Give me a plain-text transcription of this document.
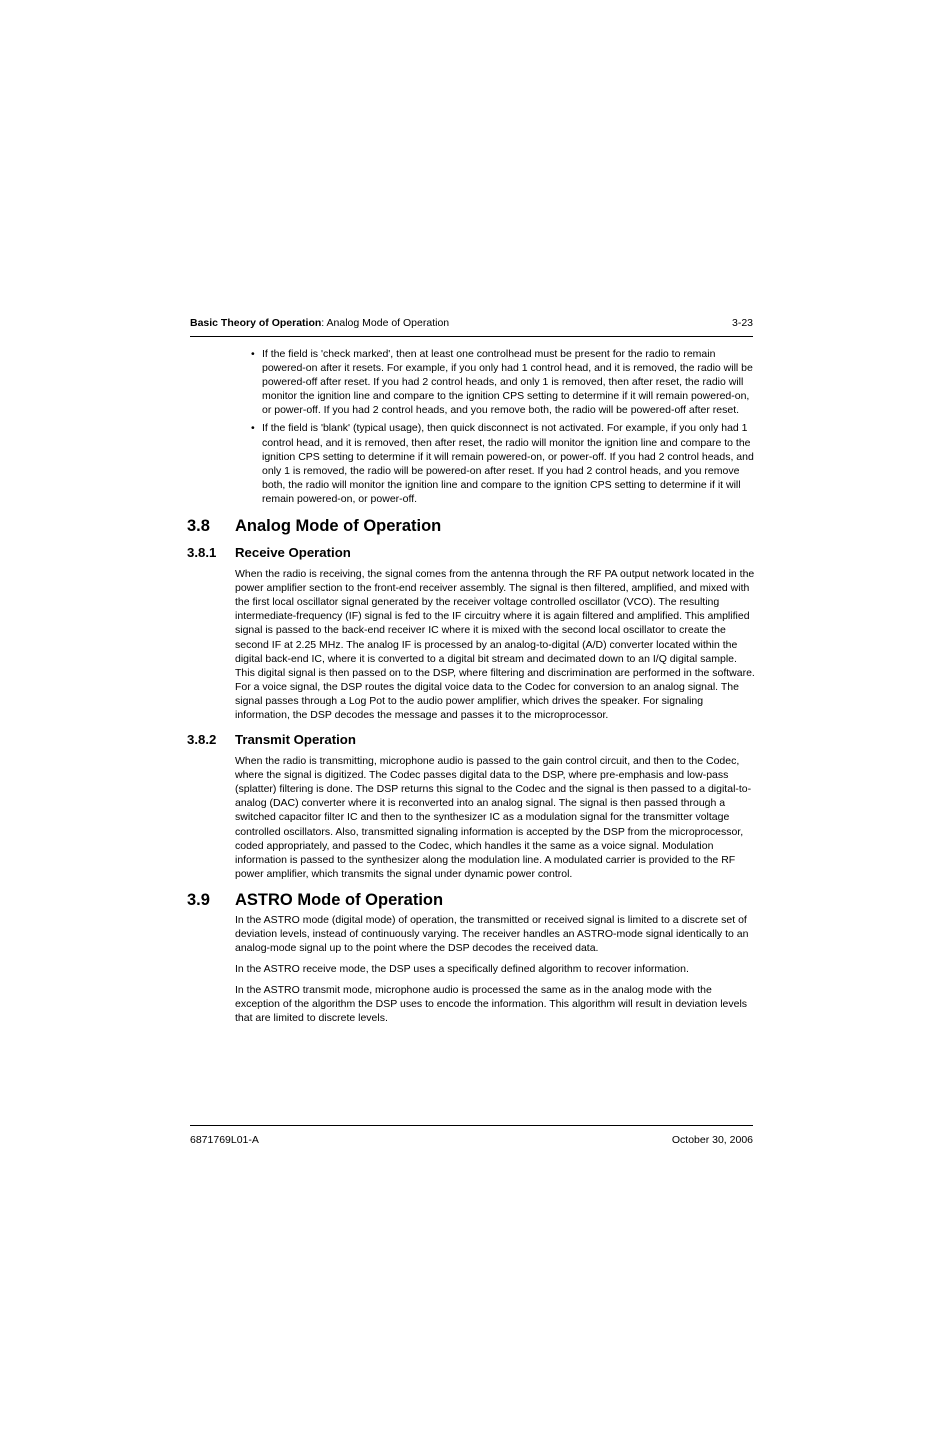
Basic Theory of Operation: Analog Mode of Operation	3-23
• If the field is 'check marked', then at least one controlhead must be present for the radio to remain powered-on after it resets. For example, if you only had 1 control head, and it is removed, the radio will be powered-off after reset. If you had 2 control heads, and only 1 is removed, then after reset, the radio will monitor the ignition line and compare to the ignition CPS setting to determine if it will remain powered-on, or power-off. If you had 2 control heads, and you remove both, the radio will be powered-off after reset.
• If the field is 'blank' (typical usage), then quick disconnect is not activated. For example, if you only had 1 control head, and it is removed, then after reset, the radio will monitor the ignition line and compare to the ignition CPS setting to determine if it will remain powered-on, or power-off. If you had 2 control heads, and only 1 is removed, the radio will be powered-on after reset. If you had 2 control heads, and you remove both, the radio will monitor the ignition line and compare to the ignition CPS setting to determine if it will remain powered-on, or power-off.
3.8 Analog Mode of Operation
3.8.1 Receive Operation

When the radio is receiving, the signal comes from the antenna through the RF PA output network located in the power amplifier section to the front-end receiver assembly. The signal is then filtered, amplified, and mixed with the first local oscillator signal generated by the receiver voltage controlled oscillator (VCO). The resulting intermediate-frequency (IF) signal is fed to the IF circuitry where it is again filtered and amplified. This amplified signal is passed to the back-end receiver IC where it is mixed with the second local oscillator to create the second IF at 2.25 MHz. The analog IF is processed by an analog-to-digital (A/D) converter located within the digital back-end IC, where it is converted to a digital bit stream and decimated down to an I/Q digital sample. This digital signal is then passed on to the DSP, where filtering and discrimination are performed in the software. For a voice signal, the DSP routes the digital voice data to the Codec for conversion to an analog signal. The signal passes through a Log Pot to the audio power amplifier, which drives the speaker. For signaling information, the DSP decodes the message and passes it to the microprocessor.

3.8.2 Transmit Operation

When the radio is transmitting, microphone audio is passed to the gain control circuit, and then to the Codec, where the signal is digitized. The Codec passes digital data to the DSP, where pre-emphasis and low-pass (splatter) filtering is done. The DSP returns this signal to the Codec and the signal is then passed to a digital-to-analog (DAC) converter where it is reconverted into an analog signal. The signal is then passed through a switched capacitor filter IC and then to the synthesizer IC as a modulation signal for the transmitter voltage controlled oscillators. Also, transmitted signaling information is accepted by the DSP from the microprocessor, coded appropriately, and passed to the Codec, which handles it the same as a voice signal. Modulation information is passed to the synthesizer along the modulation line. A modulated carrier is provided to the RF power amplifier, which transmits the signal under dynamic power control.

3.9 ASTRO Mode of Operation

In the ASTRO mode (digital mode) of operation, the transmitted or received signal is limited to a discrete set of deviation levels, instead of continuously varying. The receiver handles an ASTRO-mode signal identically to an analog-mode signal up to the point where the DSP decodes the received data.

In the ASTRO receive mode, the DSP uses a specifically defined algorithm to recover information.

In the ASTRO transmit mode, microphone audio is processed the same as in the analog mode with the exception of the algorithm the DSP uses to encode the information. This algorithm will result in deviation levels that are limited to discrete levels.

6871769L01-A	October 30, 2006
